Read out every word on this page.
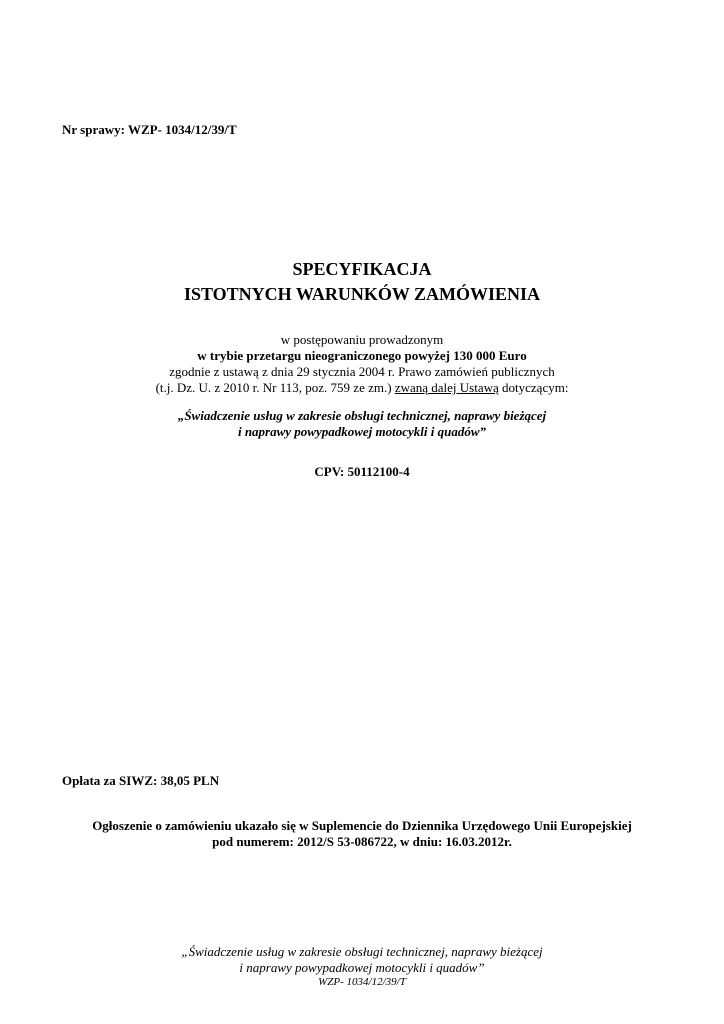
Nr sprawy: WZP- 1034/12/39/T
SPECYFIKACJA
ISTOTNYCH WARUNKÓW ZAMÓWIENIA
w postępowaniu prowadzonym
w trybie przetargu nieograniczonego powyżej 130 000 Euro
zgodnie z ustawą z dnia 29 stycznia 2004 r. Prawo zamówień publicznych
(t.j. Dz. U. z 2010 r. Nr 113, poz. 759 ze zm.) zwaną dalej Ustawą dotyczącym:
„Świadczenie usług w zakresie obsługi technicznej, naprawy bieżącej
i naprawy powypadkowej motocykli i quadów”
CPV: 50112100-4
Opłata za SIWZ: 38,05 PLN
Ogłoszenie o zamówieniu ukazało się w Suplemencie do Dziennika Urzędowego Unii Europejskiej
pod numerem: 2012/S 53-086722, w dniu: 16.03.2012r.
„Świadczenie usług w zakresie obsługi technicznej, naprawy bieżącej
i naprawy powypadkowej motocykli i quadów”
WZP- 1034/12/39/T
